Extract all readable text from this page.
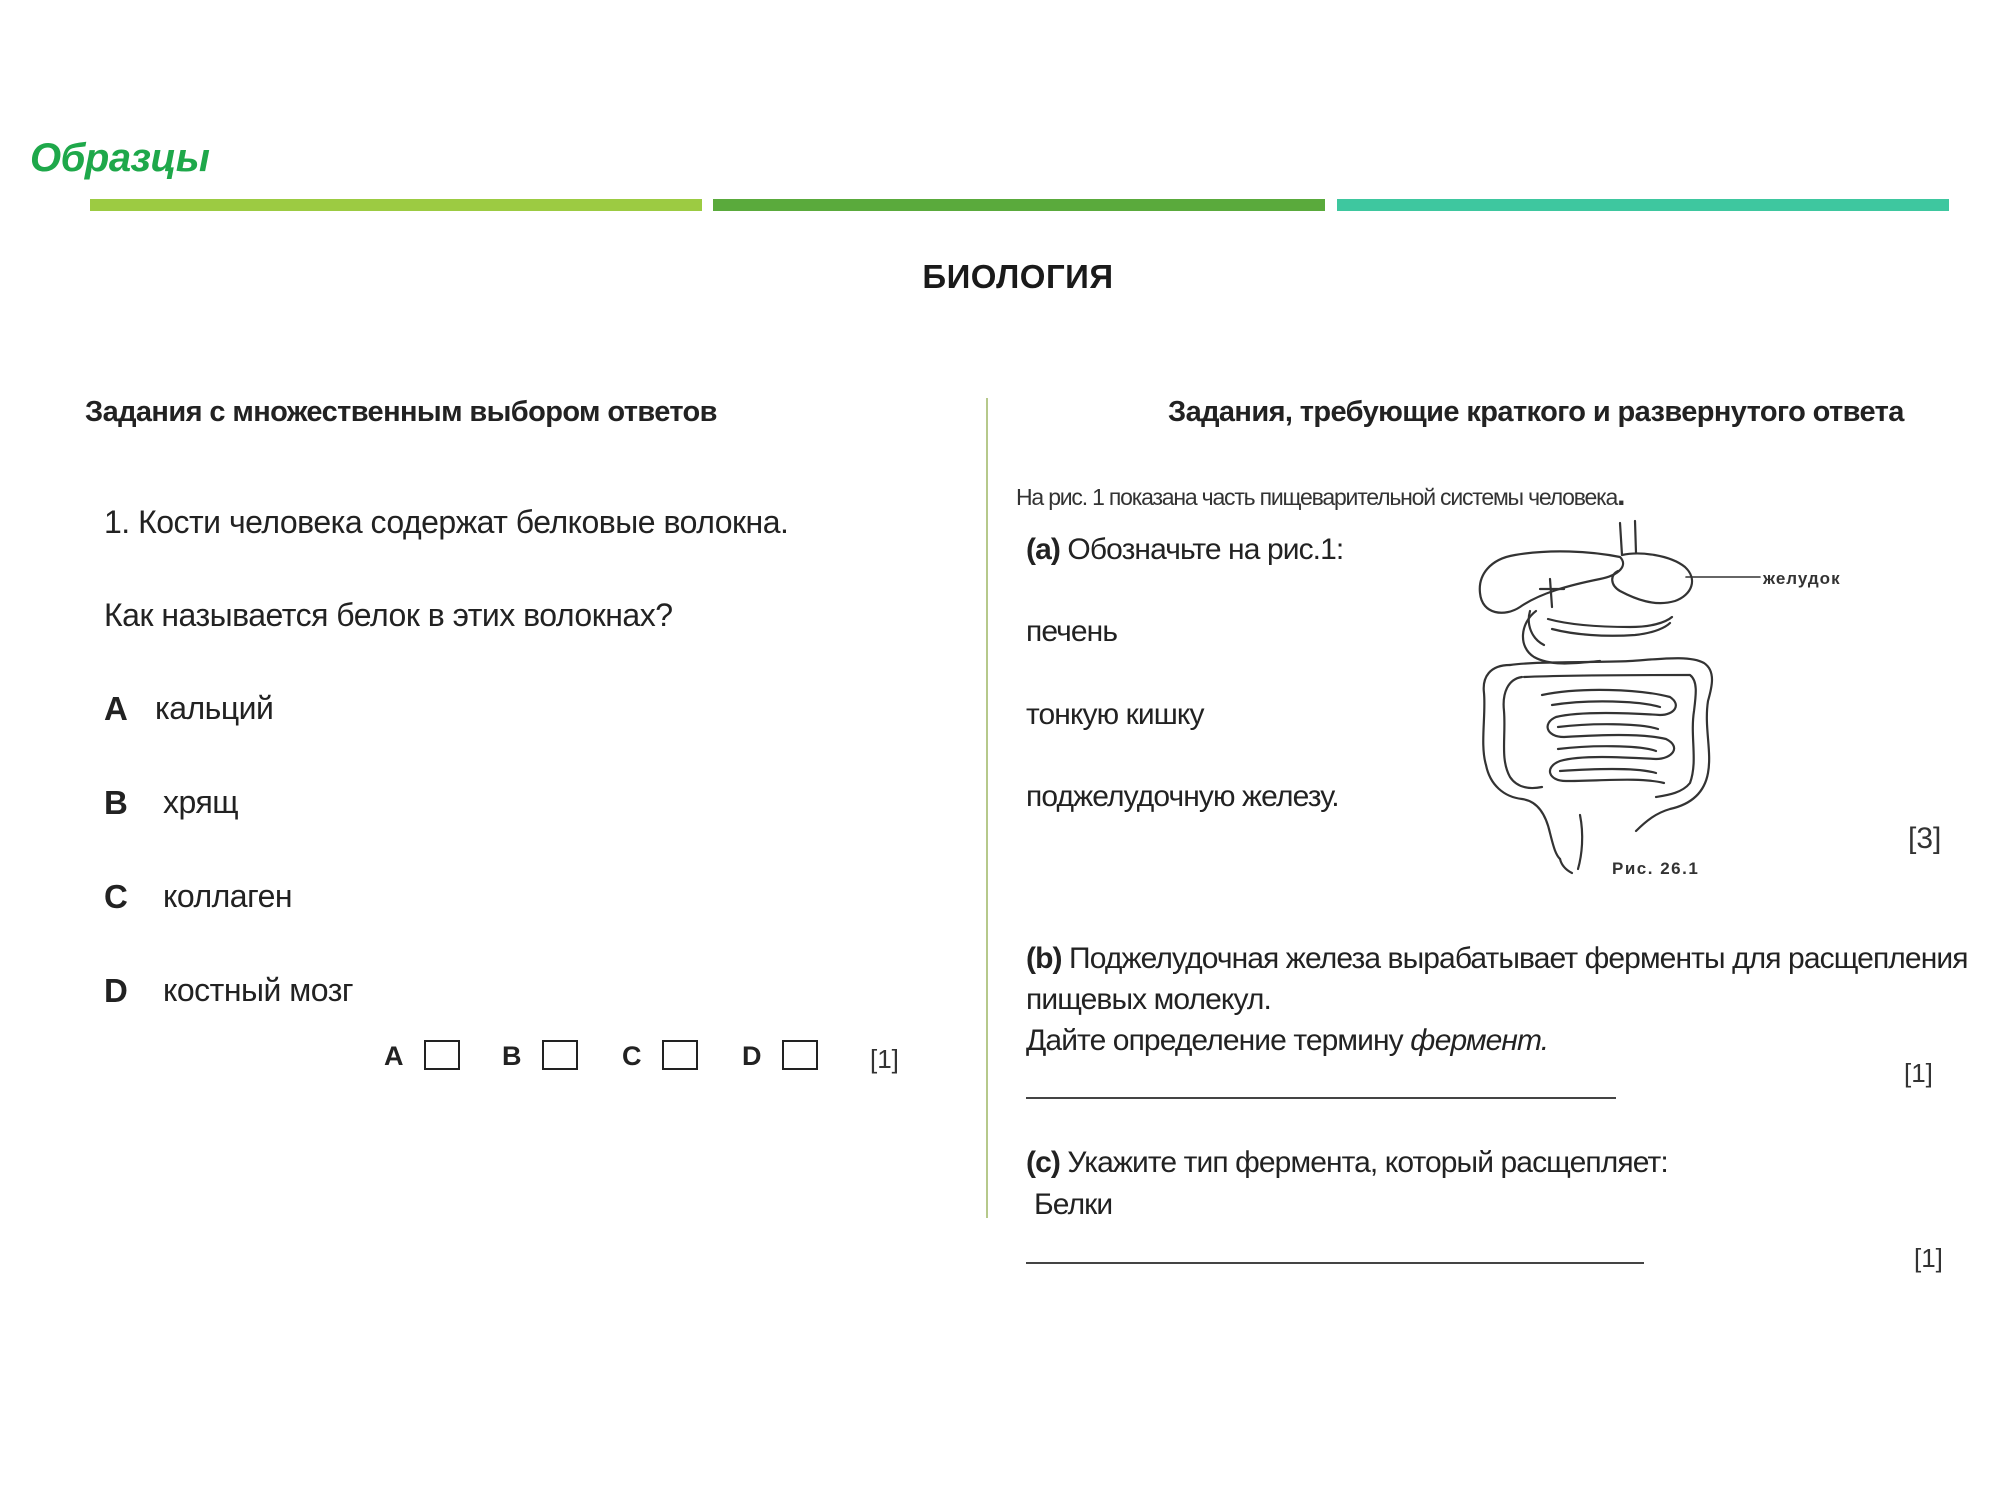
Образцы
БИОЛОГИЯ
Задания с множественным выбором ответов
1. Кости человека содержат белковые волокна.
Как называется белок в этих волокнах?
A кальций
B хрящ
C коллаген
D костный мозг
A	B	C	D	[1]
Задания, требующие краткого и развернутого ответа
На рис. 1 показана часть пищеварительной системы человека.
(a) Обозначьте на рис.1:
печень
тонкую кишку
поджелудочную железу.
[3]
желудок
Рис. 26.1
(b) Поджелудочная железа вырабатывает ферменты для расщепления
пищевых молекул.
Дайте определение термину фермент.
[1]
(c) Укажите тип фермента, который расщепляет:
Белки
[1]
